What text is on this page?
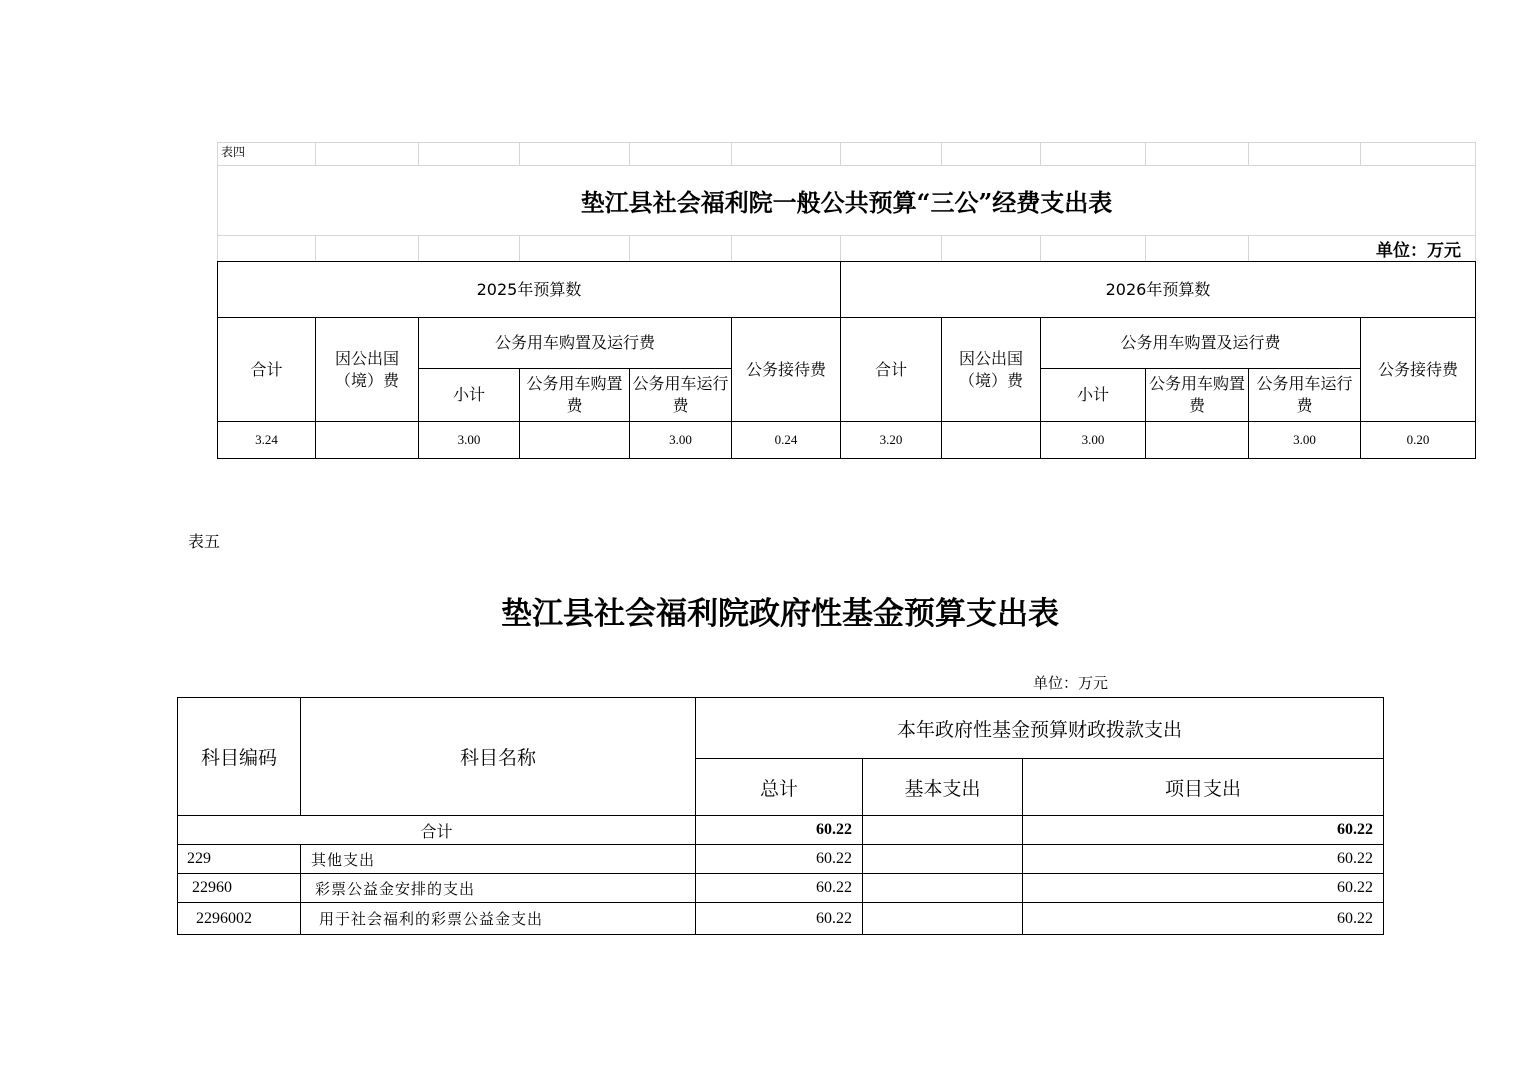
表四											
垫江县社会福利院一般公共预算“三公”经费支出表											
										单位：万元	
2025年预算数						2026年预算数					
合计	因公出国（境）费	公务用车购置及运行费			公务接待费	合计	因公出国（境）费	公务用车购置及运行费			公务接待费
		小计	公务用车购置费	公务用车运行费				小计	公务用车购置费	公务用车运行费	
3.24		3.00		3.00	0.24	3.20		3.00		3.00	0.20
表五
垫江县社会福利院政府性基金预算支出表
单位：万元
科目编码	科目名称	本年政府性基金预算财政拨款支出		
		总计	基本支出	项目支出
合计		60.22		60.22
229	其他支出	60.22		60.22
22960	彩票公益金安排的支出	60.22		60.22
2296002	用于社会福利的彩票公益金支出	60.22		60.22
